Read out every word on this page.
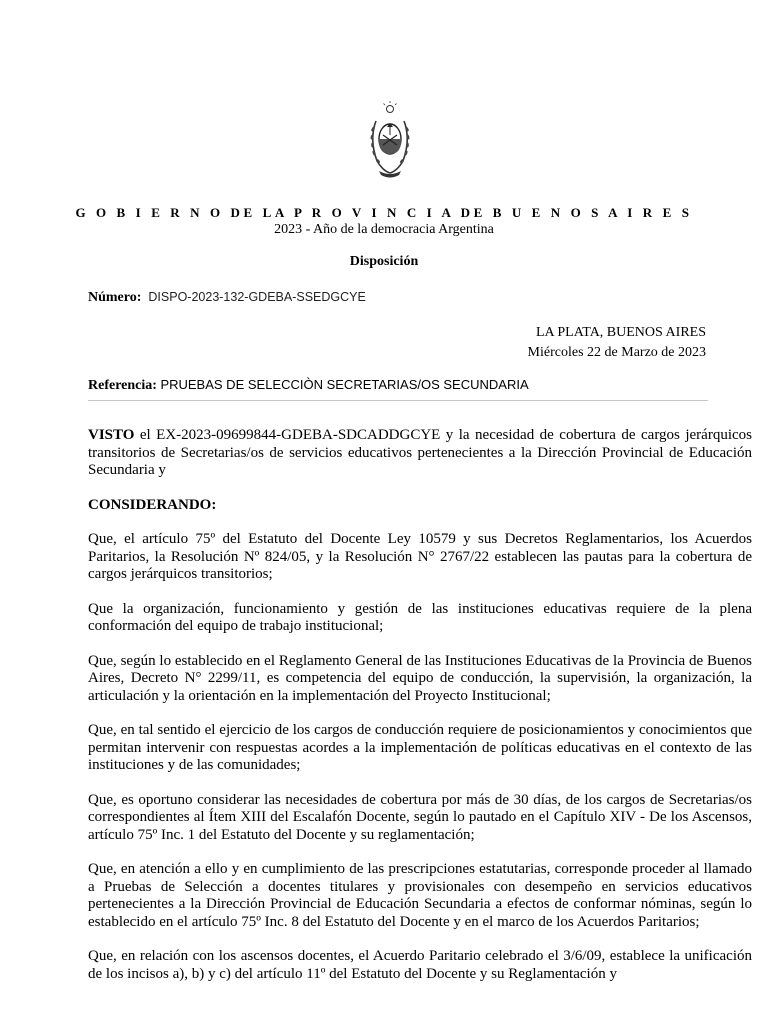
G O B I E R N O DE LA P R O V I N C I A DE B U E N O S A I R E S
2023 - Año de la democracia Argentina
Disposición
Número: DISPO-2023-132-GDEBA-SSEDGCYE
LA PLATA, BUENOS AIRES
Miércoles 22 de Marzo de 2023
Referencia: PRUEBAS DE SELECCIÒN SECRETARIAS/OS SECUNDARIA

VISTO el EX-2023-09699844-GDEBA-SDCADDGCYE y la necesidad de cobertura de cargos jerárquicos transitorios de Secretarias/os de servicios educativos pertenecientes a la Dirección Provincial de Educación Secundaria y

CONSIDERANDO:

Que, el artículo 75º del Estatuto del Docente Ley 10579 y sus Decretos Reglamentarios, los Acuerdos Paritarios, la Resolución Nº 824/05, y la Resolución N° 2767/22 establecen las pautas para la cobertura de cargos jerárquicos transitorios;

Que la organización, funcionamiento y gestión de las instituciones educativas requiere de la plena conformación del equipo de trabajo institucional;

Que, según lo establecido en el Reglamento General de las Instituciones Educativas de la Provincia de Buenos Aires, Decreto N° 2299/11, es competencia del equipo de conducción, la supervisión, la organización, la articulación y la orientación en la implementación del Proyecto Institucional;

Que, en tal sentido el ejercicio de los cargos de conducción requiere de posicionamientos y conocimientos que permitan intervenir con respuestas acordes a la implementación de políticas educativas en el contexto de las instituciones y de las comunidades;

Que, es oportuno considerar las necesidades de cobertura por más de 30 días, de los cargos de Secretarias/os correspondientes al Ítem XIII del Escalafón Docente, según lo pautado en el Capítulo XIV - De los Ascensos, artículo 75º Inc. 1 del Estatuto del Docente y su reglamentación;

Que, en atención a ello y en cumplimiento de las prescripciones estatutarias, corresponde proceder al llamado a Pruebas de Selección a docentes titulares y provisionales con desempeño en servicios educativos pertenecientes a la Dirección Provincial de Educación Secundaria a efectos de conformar nóminas, según lo establecido en el artículo 75º Inc. 8 del Estatuto del Docente y en el marco de los Acuerdos Paritarios;

Que, en relación con los ascensos docentes, el Acuerdo Paritario celebrado el 3/6/09, establece la unificación de los incisos a), b) y c) del artículo 11º del Estatuto del Docente y su Reglamentación y
